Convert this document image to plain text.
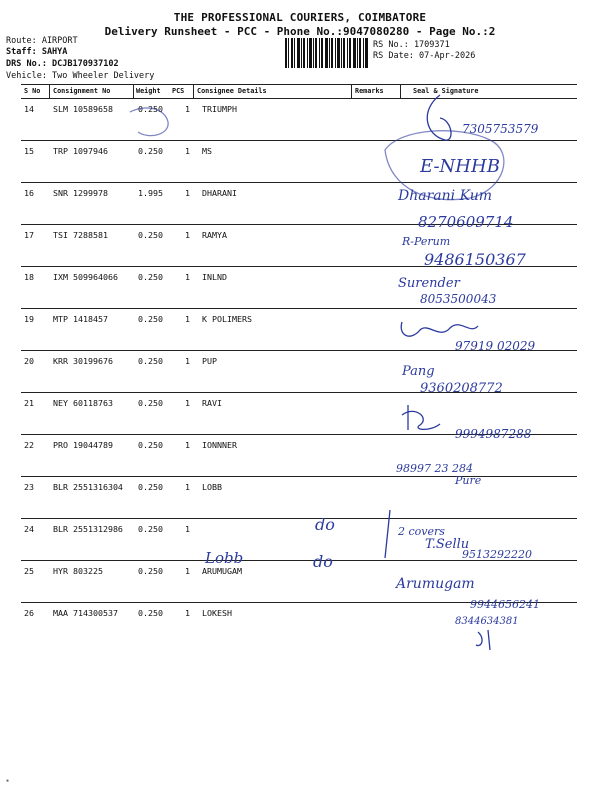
THE PROFESSIONAL COURIERS, COIMBATORE
Delivery Runsheet - PCC - Phone No.:9047080280 - Page No.:2
Route: AIRPORT
Staff: SAHYA
DRS No.: DCJB170937102
Vehicle: Two Wheeler Delivery
RS No.: 1709371
RS Date: 07-Apr-2026
S No Consignment No	Weight PCS Consignee Details	Remarks	Seal & Signature
14 SLM 10589658	0.250	1 TRIUMPH
15 TRP 1097946	0.250	1 MS
16 SNR 1299978	1.995	1 DHARANI
17 TSI 7288581	0.250	1 RAMYA
18 IXM 509964066 0.250	1 INLND
19 MTP 1418457	0.250	1 K POLIMERS
20 KRR 30199676	0.250	1 PUP
21 NEY 60118763	0.250	1 RAVI
22 PRO 19044789	0.250	1 IONNNER
23 BLR 2551316304 0.250	1 LOBB
24 BLR 2551312986 0.250	1
25 HYR 803225	0.250	1 ARUMUGAM
26 MAA 714300537 0.250	1 LOKESH
7305753579
E-NHHB
Dharani Kum
8270609714
R-Perum
9486150367
Surender
8053500043
97919 02029
Pang
9360208772
9994987288
98997 23 284
Pure
do	2 covers
Lobb	do
T.Sellu
9513292220
Arumugam
9944656241
8344634381
▪
